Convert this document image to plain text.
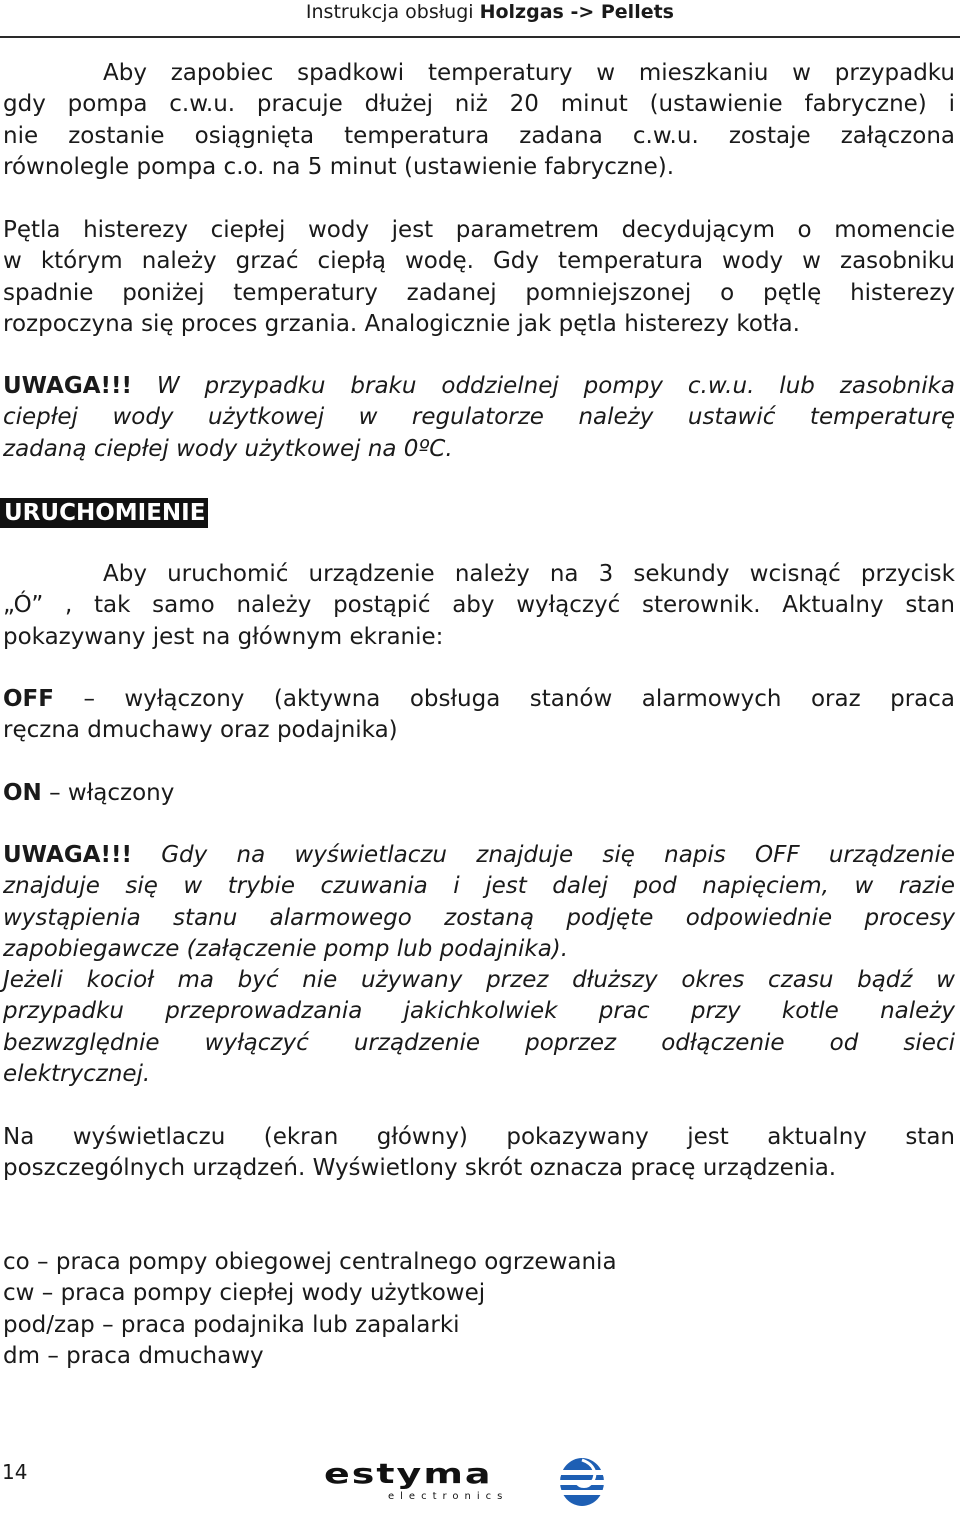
Instrukcja obsługi Holzgas -> Pellets
Aby zapobiec spadkowi temperatury w mieszkaniu w przypadku
gdy pompa c.w.u. pracuje dłużej niż 20 minut (ustawienie fabryczne) i
nie zostanie osiągnięta temperatura zadana c.w.u. zostaje załączona
równolegle pompa c.o. na 5 minut (ustawienie fabryczne).
Pętla histerezy ciepłej wody jest parametrem decydującym o momencie
w którym należy grzać ciepłą wodę. Gdy temperatura wody w zasobniku
spadnie poniżej temperatury zadanej pomniejszonej o pętlę histerezy
rozpoczyna się proces grzania. Analogicznie jak pętla histerezy kotła.
UWAGA!!! W przypadku braku oddzielnej pompy c.w.u. lub zasobnika
ciepłej wody użytkowej w regulatorze należy ustawić temperaturę
zadaną ciepłej wody użytkowej na 0ºC.
URUCHOMIENIE
Aby uruchomić urządzenie należy na 3 sekundy wcisnąć przycisk
„Ó” , tak samo należy postąpić aby wyłączyć sterownik. Aktualny stan
pokazywany jest na głównym ekranie:
OFF – wyłączony (aktywna obsługa stanów alarmowych oraz praca
ręczna dmuchawy oraz podajnika)
ON – włączony
UWAGA!!! Gdy na wyświetlaczu znajduje się napis OFF urządzenie
znajduje się w trybie czuwania i jest dalej pod napięciem, w razie
wystąpienia stanu alarmowego zostaną podjęte odpowiednie procesy
zapobiegawcze (załączenie pomp lub podajnika).
Jeżeli kocioł ma być nie używany przez dłuższy okres czasu bądź w
przypadku przeprowadzania jakichkolwiek prac przy kotle należy
bezwzględnie wyłączyć urządzenie poprzez odłączenie od sieci
elektrycznej.
Na wyświetlaczu (ekran główny) pokazywany jest aktualny stan
poszczególnych urządzeń. Wyświetlony skrót oznacza pracę urządzenia.
co – praca pompy obiegowej centralnego ogrzewania
cw – praca pompy ciepłej wody użytkowej
pod/zap – praca podajnika lub zapalarki
dm – praca dmuchawy
14	estyma
electronics
